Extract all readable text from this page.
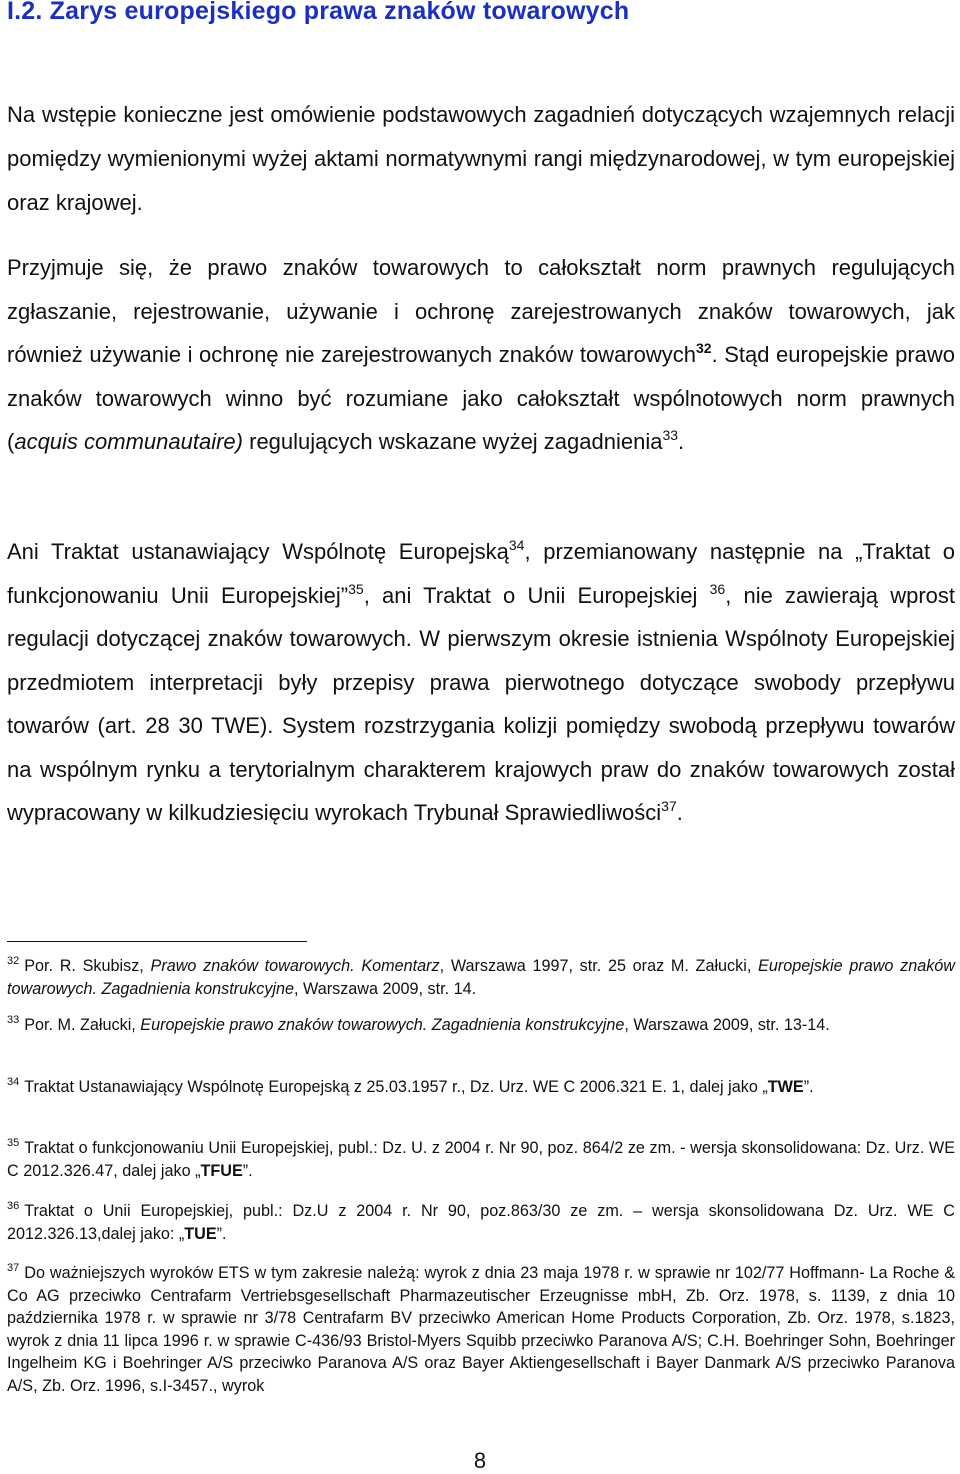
I.2. Zarys europejskiego prawa znaków towarowych

Na wstępie konieczne jest omówienie podstawowych zagadnień dotyczących wzajemnych relacji pomiędzy wymienionymi wyżej aktami normatywnymi rangi międzynarodowej, w tym europejskiej oraz krajowej.

Przyjmuje się, że prawo znaków towarowych to całokształt norm prawnych regulujących zgłaszanie, rejestrowanie, używanie i ochronę zarejestrowanych znaków towarowych, jak również używanie i ochronę nie zarejestrowanych znaków towarowych$^{32}$. Stąd europejskie prawo znaków towarowych winno być rozumiane jako całokształt wspólnotowych norm prawnych (acquis communautaire) regulujących wskazane wyżej zagadnienia$^{33}$.

Ani Traktat ustanawiający Wspólnotę Europejską$^{34}$, przemianowany następnie na „Traktat o funkcjonowaniu Unii Europejskiej”$^{35}$, ani Traktat o Unii Europejskiej $^{36}$, nie zawierają wprost regulacji dotyczącej znaków towarowych. W pierwszym okresie istnienia Wspólnoty Europejskiej przedmiotem interpretacji były przepisy prawa pierwotnego dotyczące swobody przepływu towarów (art. 28 30 TWE). System rozstrzygania kolizji pomiędzy swobodą przepływu towarów na wspólnym rynku a terytorialnym charakterem krajowych praw do znaków towarowych został wypracowany w kilkudziesięciu wyrokach Trybunał Sprawiedliwości$^{37}$.

$^{32}$ Por. R. Skubisz, Prawo znaków towarowych. Komentarz, Warszawa 1997, str. 25 oraz M. Załucki, Europejskie prawo znaków towarowych. Zagadnienia konstrukcyjne, Warszawa 2009, str. 14.

$^{33}$ Por. M. Załucki, Europejskie prawo znaków towarowych. Zagadnienia konstrukcyjne, Warszawa 2009, str. 13-14.

$^{34}$ Traktat Ustanawiający Wspólnotę Europejską z 25.03.1957 r., Dz. Urz. WE C 2006.321 E. 1, dalej jako „TWE”.

$^{35}$ Traktat o funkcjonowaniu Unii Europejskiej, publ.: Dz. U. z 2004 r. Nr 90, poz. 864/2 ze zm. - wersja skonsolidowana: Dz. Urz. WE C 2012.326.47, dalej jako „TFUE”.

$^{36}$ Traktat o Unii Europejskiej, publ.: Dz.U z 2004 r. Nr 90, poz.863/30 ze zm. – wersja skonsolidowana Dz. Urz. WE C 2012.326.13,dalej jako: „TUE”.

$^{37}$ Do ważniejszych wyroków ETS w tym zakresie należą: wyrok z dnia 23 maja 1978 r. w sprawie nr 102/77 Hoffmann- La Roche & Co AG przeciwko Centrafarm Vertriebsgesellschaft Pharmazeutischer Erzeugnisse mbH, Zb. Orz. 1978, s. 1139, z dnia 10 października 1978 r. w sprawie nr 3/78 Centrafarm BV przeciwko American Home Products Corporation, Zb. Orz. 1978, s.1823, wyrok z dnia 11 lipca 1996 r. w sprawie C-436/93 Bristol-Myers Squibb przeciwko Paranova A/S; C.H. Boehringer Sohn, Boehringer Ingelheim KG i Boehringer A/S przeciwko Paranova A/S oraz Bayer Aktiengesellschaft i Bayer Danmark A/S przeciwko Paranova A/S, Zb. Orz. 1996, s.I-3457., wyrok

8
